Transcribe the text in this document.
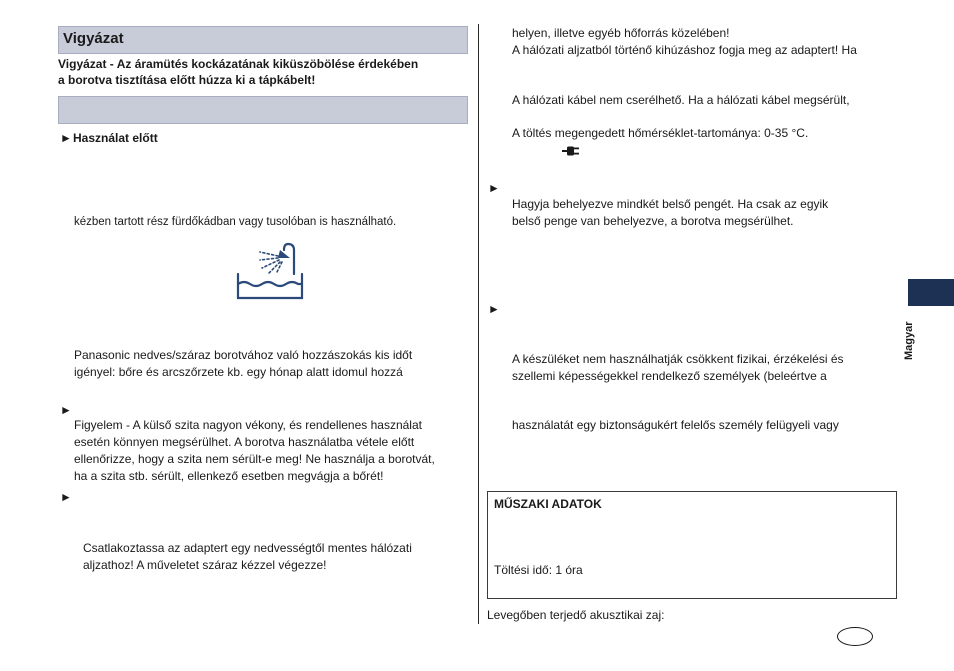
Vigyázat
Vigyázat - Az áramütés kockázatának kiküszöbölése érdekében
a borotva tisztítása előtt húzza ki a tápkábelt!
► Használat előtt
kézben tartott rész fürdőkádban vagy tusolóban is használható.
Panasonic nedves/száraz borotvához való hozzászokás kis időt
igényel: bőre és arcszőrzete kb. egy hónap alatt idomul hozzá
►
Figyelem - A külső szita nagyon vékony, és rendellenes használat
esetén könnyen megsérülhet. A borotva használatba vétele előtt
ellenőrizze, hogy a szita nem sérült-e meg! Ne használja a borotvát,
ha a szita stb. sérült, ellenkező esetben megvágja a bőrét!
►
Csatlakoztassa az adaptert egy nedvességtől mentes hálózati
aljzathoz! A műveletet száraz kézzel végezze!
helyen, illetve egyéb hőforrás közelében!
A hálózati aljzatból történő kihúzáshoz fogja meg az adaptert! Ha
A hálózati kábel nem cserélhető. Ha a hálózati kábel megsérült,
A töltés megengedett hőmérséklet-tartománya: 0-35 °C.
►
Hagyja behelyezve mindkét belső pengét. Ha csak az egyik
belső penge van behelyezve, a borotva megsérülhet.
►
A készüléket nem használhatják csökkent fizikai, érzékelési és
szellemi képességekkel rendelkező személyek (beleértve a
használatát egy biztonságukért felelős személy felügyeli vagy
MŰSZAKI ADATOK
Töltési idő: 1 óra
Levegőben terjedő akusztikai zaj:
Magyar
